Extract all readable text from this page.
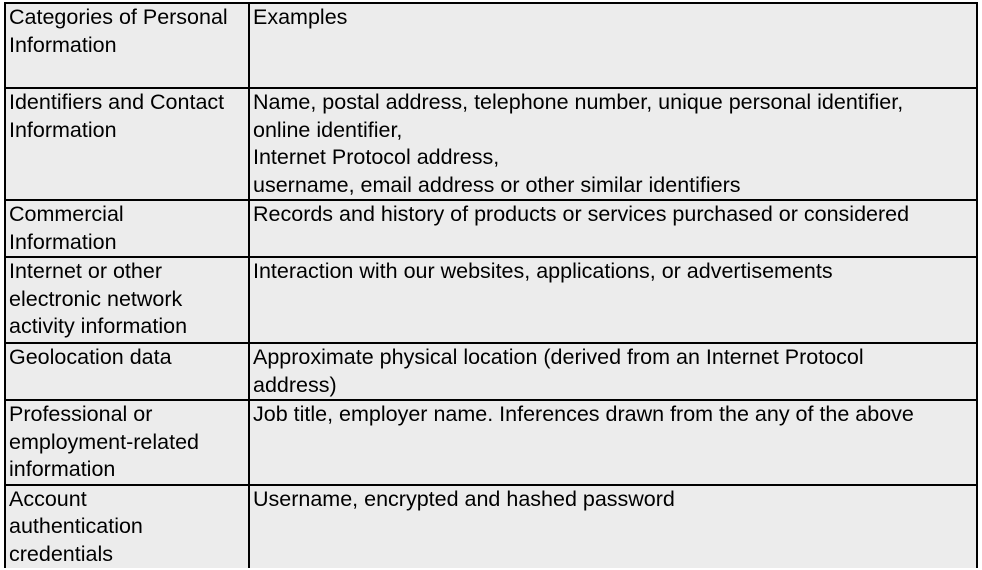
Categories of Personal Information	Examples
Identifiers and Contact Information	Name, postal address, telephone number, unique personal identifier, online identifier,
Internet Protocol address,
username, email address or other similar identifiers

Commercial Information	Records and history of products or services purchased or considered

Internet or other electronic network activity information	Interaction with our websites, applications, or advertisements

Geolocation data	Approximate physical location (derived from an Internet Protocol address)

Professional or employment-related information	Job title, employer name. Inferences drawn from the any of the above

Account authentication credentials	Username, encrypted and hashed password
